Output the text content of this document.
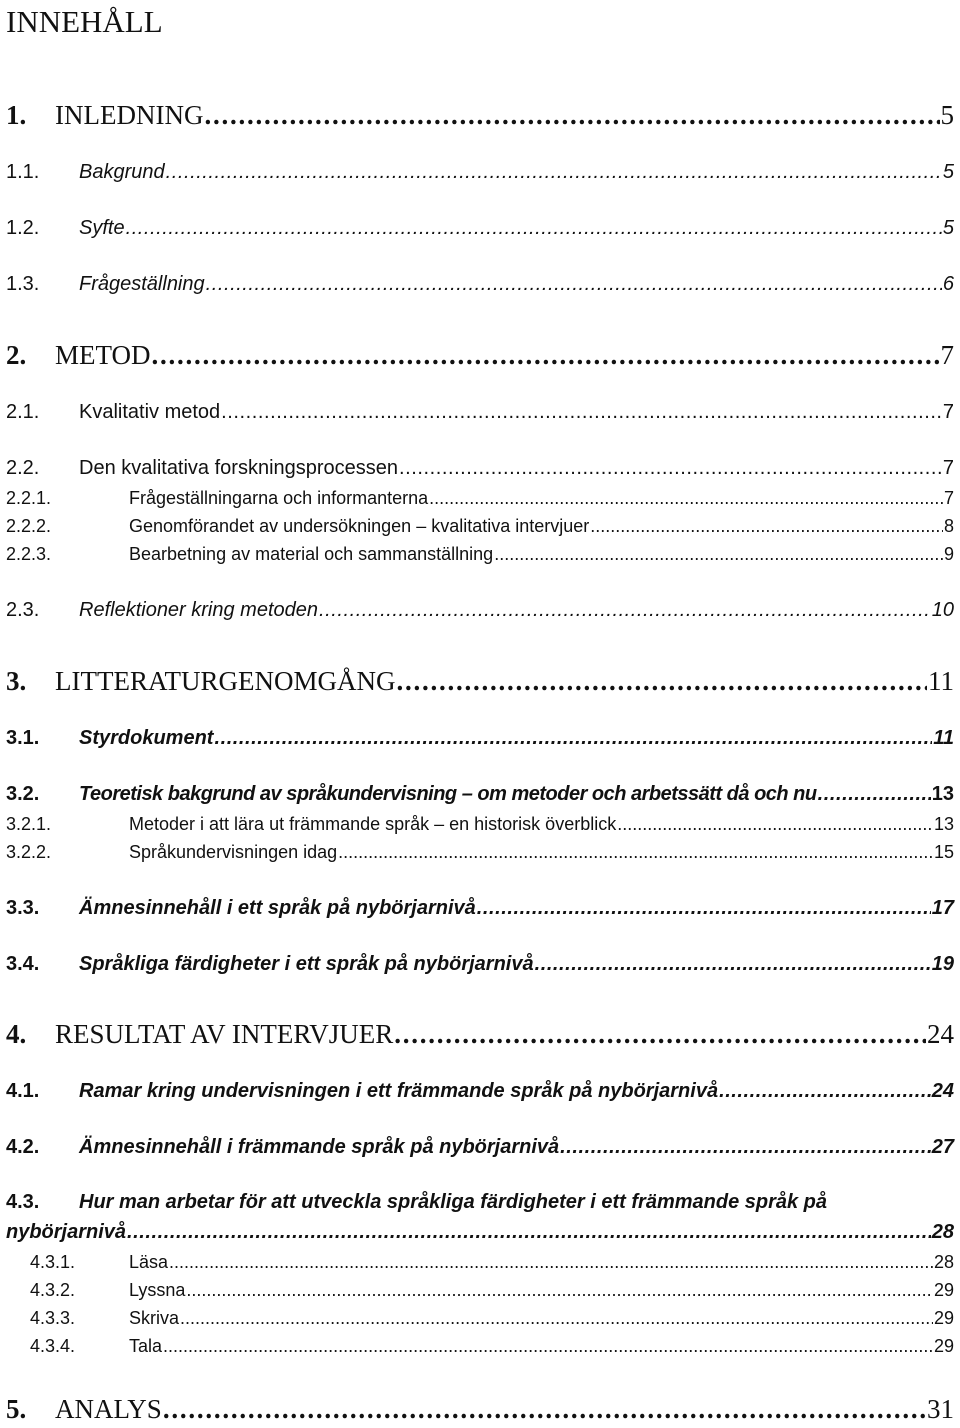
INNEHÅLL
1.	INLEDNING . . .	5
1.1.	Bakgrund . . .	5
1.2.	Syfte . . .	5
1.3.	Frågeställning . . .	6
2.	METOD . . .	7
2.1.	Kvalitativ metod . . .	7
2.2.	Den kvalitativa forskningsprocessen . . .	7
2.2.1.	Frågeställningarna och informanterna . . .	7
2.2.2.	Genomförandet av undersökningen – kvalitativa intervjuer . . .	8
2.2.3.	Bearbetning av material och sammanställning . . .	9
2.3.	Reflektioner kring metoden . . .	10
3.	LITTERATURGENOMGÅNG . . .	11
3.1.	Styrdokument . . .	11
3.2.	Teoretisk bakgrund av språkundervisning – om metoder och arbetssätt då och nu . . .	13
3.2.1.	Metoder i att lära ut främmande språk – en historisk överblick . . .	13
3.2.2.	Språkundervisningen idag . . .	15
3.3.	Ämnesinnehåll i ett språk på nybörjarnivå . . .	17
3.4.	Språkliga färdigheter i ett språk på nybörjarnivå . . .	19
4.	RESULTAT AV INTERVJUER . . .	24
4.1.	Ramar kring undervisningen i ett främmande språk på nybörjarnivå . . .	24
4.2.	Ämnesinnehåll i främmande språk på nybörjarnivå . . .	27
4.3.	Hur man arbetar för att utveckla språkliga färdigheter i ett främmande språk på
nybörjarnivå . . .	28
4.3.1.	Läsa . . .	28
4.3.2.	Lyssna . . .	29
4.3.3.	Skriva . . .	29
4.3.4.	Tala . . .	29
5.	ANALYS . . .	31
